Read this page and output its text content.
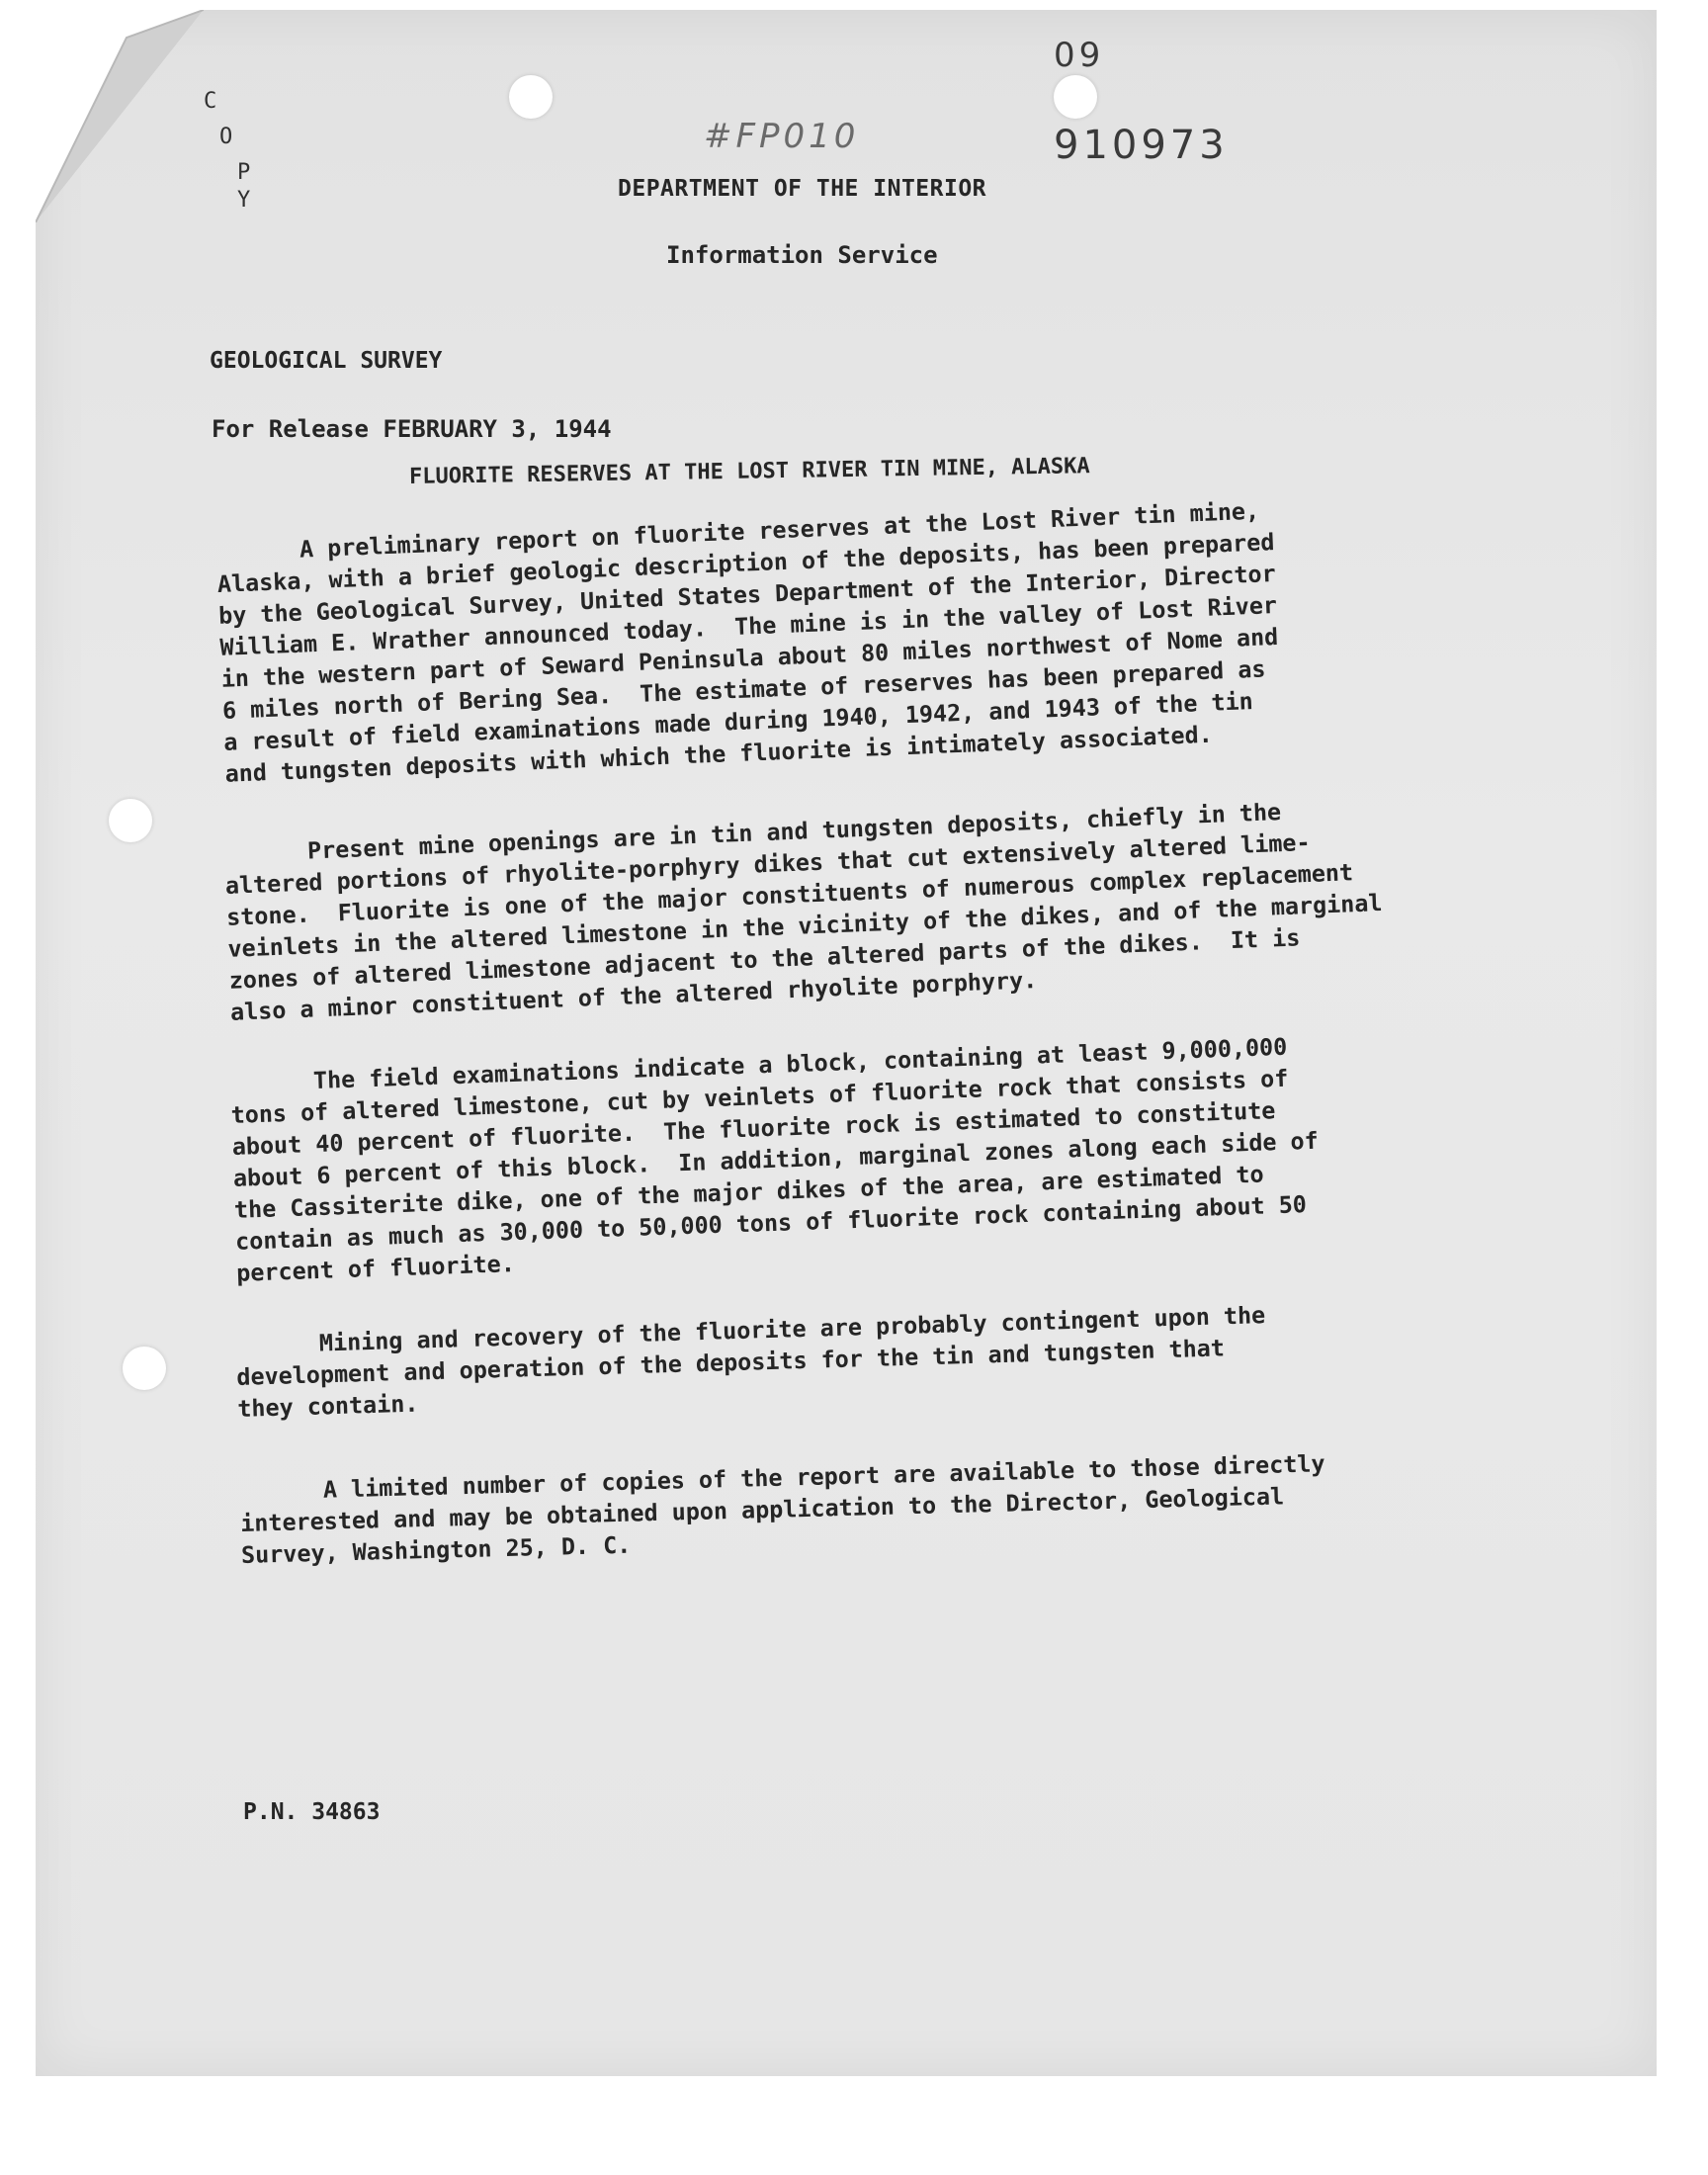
C
O
P
Y
09
910973
#FP010
DEPARTMENT OF THE INTERIOR
Information Service
GEOLOGICAL SURVEY
For Release FEBRUARY 3, 1944
FLUORITE RESERVES AT THE LOST RIVER TIN MINE, ALASKA
A preliminary report on fluorite reserves at the Lost River tin mine,
Alaska, with a brief geologic description of the deposits, has been prepared
by the Geological Survey, United States Department of the Interior, Director
William E. Wrather announced today.  The mine is in the valley of Lost River
in the western part of Seward Peninsula about 80 miles northwest of Nome and
6 miles north of Bering Sea.  The estimate of reserves has been prepared as
a result of field examinations made during 1940, 1942, and 1943 of the tin
and tungsten deposits with which the fluorite is intimately associated.
Present mine openings are in tin and tungsten deposits, chiefly in the
altered portions of rhyolite-porphyry dikes that cut extensively altered lime-
stone.  Fluorite is one of the major constituents of numerous complex replacement
veinlets in the altered limestone in the vicinity of the dikes, and of the marginal
zones of altered limestone adjacent to the altered parts of the dikes.  It is
also a minor constituent of the altered rhyolite porphyry.
The field examinations indicate a block, containing at least 9,000,000
tons of altered limestone, cut by veinlets of fluorite rock that consists of
about 40 percent of fluorite.  The fluorite rock is estimated to constitute
about 6 percent of this block.  In addition, marginal zones along each side of
the Cassiterite dike, one of the major dikes of the area, are estimated to
contain as much as 30,000 to 50,000 tons of fluorite rock containing about 50
percent of fluorite.
Mining and recovery of the fluorite are probably contingent upon the
development and operation of the deposits for the tin and tungsten that
they contain.
A limited number of copies of the report are available to those directly
interested and may be obtained upon application to the Director, Geological
Survey, Washington 25, D. C.
P.N. 34863
